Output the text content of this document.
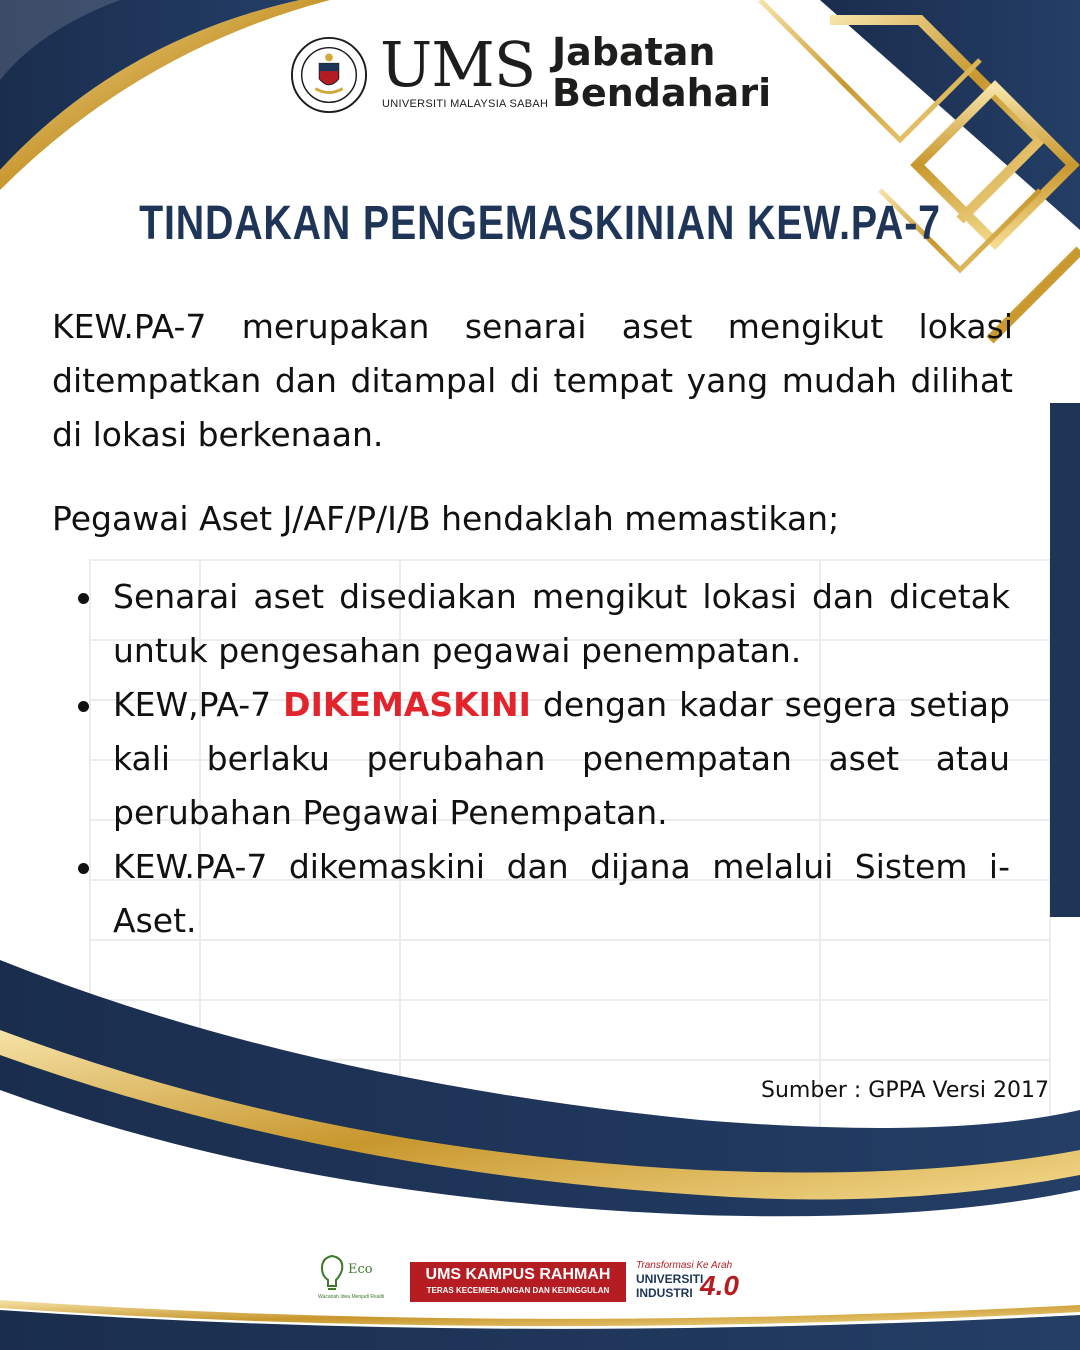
UMS
UNIVERSITI MALAYSIA SABAH
Jabatan
Bendahari
TINDAKAN PENGEMASKINIAN KEW.PA-7
KEW.PA-7 merupakan senarai aset mengikut lokasi ditempatkan dan ditampal di tempat yang mudah dilihat di lokasi berkenaan.
Pegawai Aset J/AF/P/I/B hendaklah memastikan;
Senarai aset disediakan mengikut lokasi dan dicetak untuk pengesahan pegawai penempatan.
KEW,PA-7 DIKEMASKINI dengan kadar segera setiap kali berlaku perubahan penempatan aset atau perubahan Pegawai Penempatan.
KEW.PA-7 dikemaskini dan dijana melalui Sistem i-Aset.
Sumber : GPPA Versi 2017
Eco
Wacanah Idea Menjadi Realiti
UMS KAMPUS RAHMAH
TERAS KECEMERLANGAN DAN KEUNGGULAN
Transformasi Ke Arah
UNIVERSITI
INDUSTRI 4.0
